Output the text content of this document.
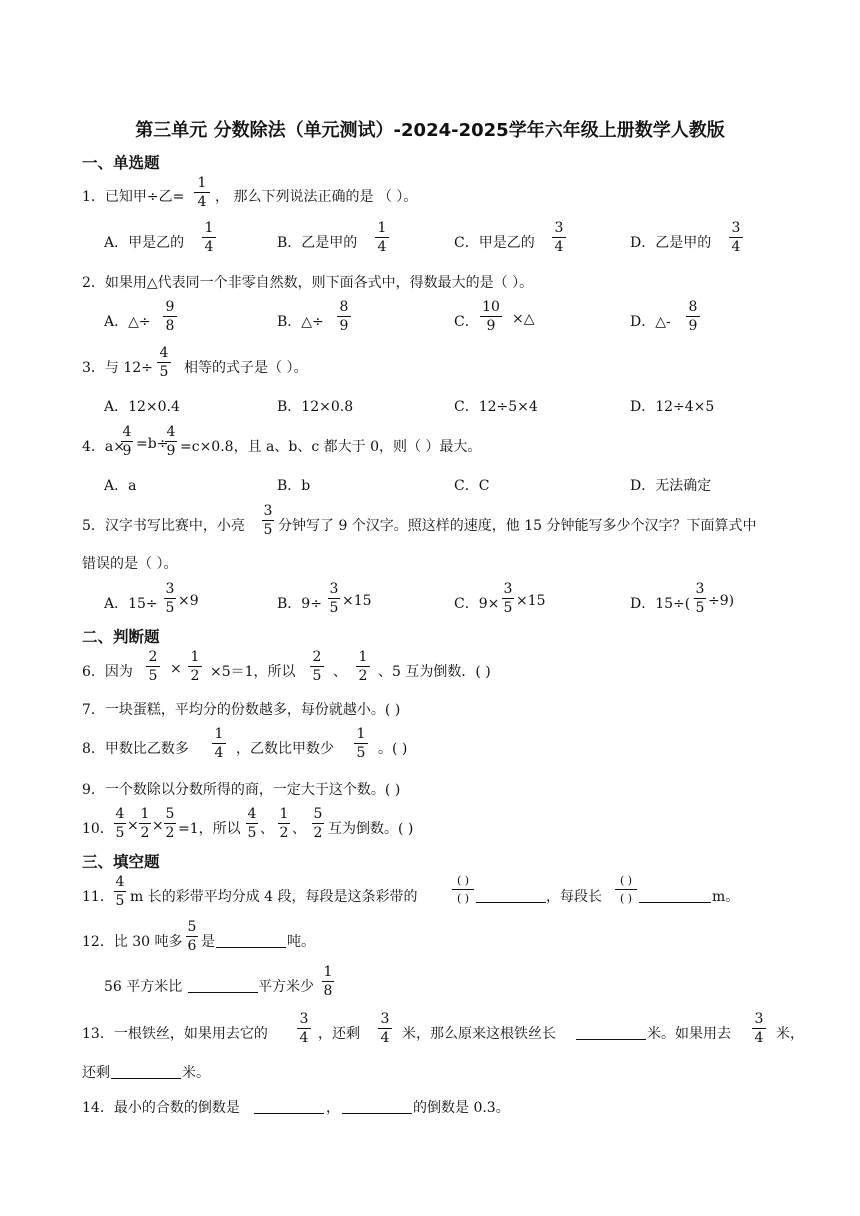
第三单元 分数除法（单元测试）-2024-2025学年六年级上册数学人教版
一、单选题
1．已知甲÷乙= $\frac{1}{4}$ ， 那么下列说法正确的是 （ ）。
A．甲是乙的 $\frac{1}{4}$	B．乙是甲的 $\frac{1}{4}$	C．甲是乙的 $\frac{3}{4}$	D．乙是甲的 $\frac{3}{4}$
2．如果用△代表同一个非零自然数，则下面各式中，得数最大的是（ ）。
A．△÷ $\frac{9}{8}$	B．△÷ $\frac{8}{9}$	C． $\frac{10}{9}$ ×△	D．△- $\frac{8}{9}$
3．与 $12\div \frac{4}{5}$ 相等的式子是（ ）。
A．12×0.4	B．12×0.8	C．12÷5×4	D．12÷4×5
4．a×
$\frac{4}{9} =b\div$
$\frac{4}{9} =c\times 0.8$，且 a、b、c 都大于 0，则（ ）最大。
A．a	B．b	C．C	D．无法确定
5．汉字书写比赛中，小亮 $\frac{3}{5}$ 分钟写了 9 个汉字。照这样的速度，他 15 分钟能写多少个汉字？下面算式中
错误的是（ ）。
A．$15\div \frac{3}{5} \times 9$	B．$9\div \frac{3}{5} \times 15$	C．$9\times \frac{3}{5} \times 15$	D．$15\div( \frac{3}{5} \div 9)$
二、判断题
6．因为 $\frac{2}{5} \times \frac{1}{2} \times 5=1$，所以 $\frac{2}{5}$ 、 $\frac{1}{2}$ 、5 互为倒数．( )
7．一块蛋糕，平均分的份数越多，每份就越小。( )
8．甲数比乙数多 $\frac{1}{4}$ ，乙数比甲数少 $\frac{1}{5}$ 。( )
9．一个数除以分数所得的商，一定大于这个数。( )
10． $\frac{4}{5} \times \frac{1}{2} \times \frac{5}{2} =1$，所以 $\frac{4}{5}$ 、 $\frac{1}{2}$ 、 $\frac{5}{2}$ 互为倒数。( )
三、填空题
11． $\frac{4}{5}$ m 长的彩带平均分成 4 段，每段是这条彩带的
( )
( )	，每段长
( )
( )	m。
12．比 30 吨多 $\frac{5}{6}$ 是	吨。
56 平方米比	平方米少 $\frac{1}{8}$
13．一根铁丝，如果用去它的 $\frac{3}{4}$ ，还剩 $\frac{3}{4}$ 米，那么原来这根铁丝长	米。如果用去 $\frac{3}{4}$ 米，
还剩	米。
14．最小的合数的倒数是	，	的倒数是 0.3。
